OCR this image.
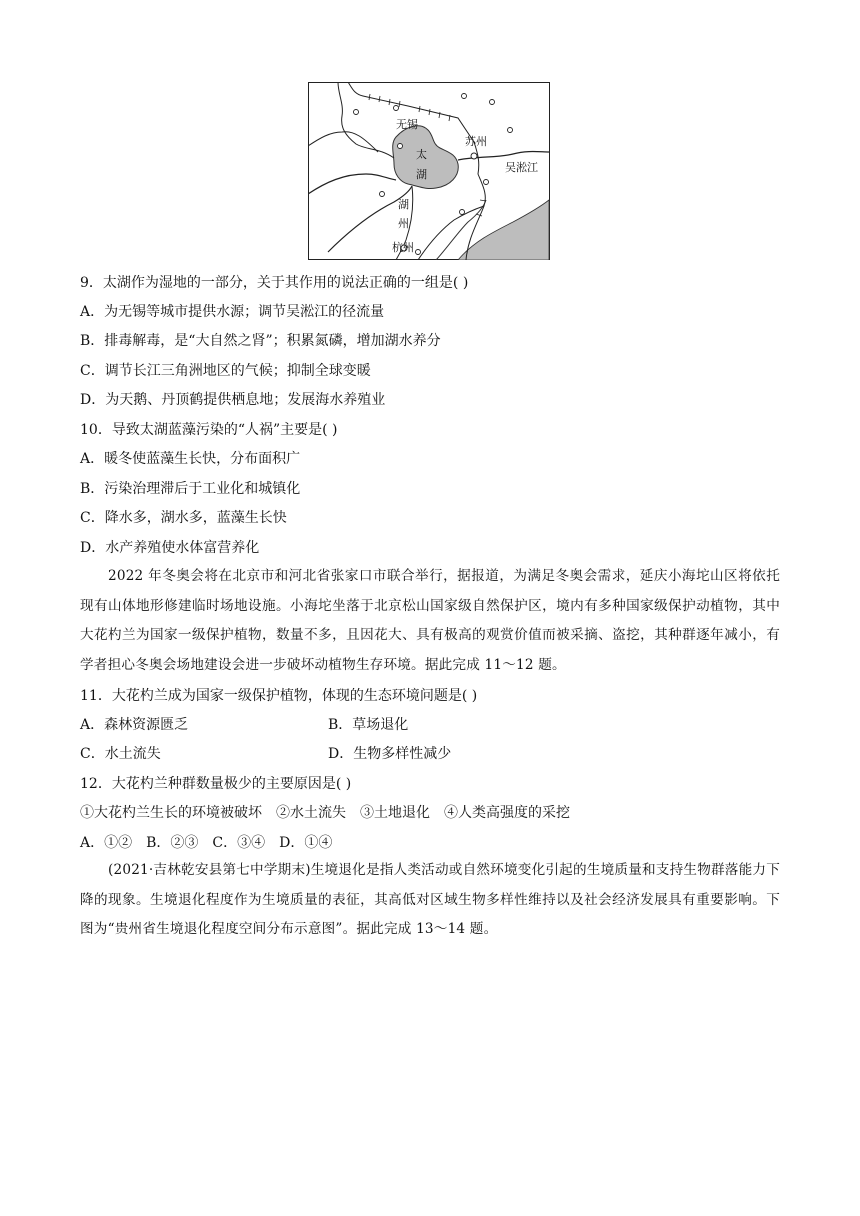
无锡
苏州
太
湖
吴淞江
湖
州
杭州
9．太湖作为湿地的一部分，关于其作用的说法正确的一组是( )
A．为无锡等城市提供水源；调节吴淞江的径流量
B．排毒解毒，是“大自然之肾”；积累氮磷，增加湖水养分
C．调节长江三角洲地区的气候；抑制全球变暖
D．为天鹅、丹顶鹤提供栖息地；发展海水养殖业
10．导致太湖蓝藻污染的“人祸”主要是( )
A．暖冬使蓝藻生长快，分布面积广
B．污染治理滞后于工业化和城镇化
C．降水多，湖水多，蓝藻生长快
D．水产养殖使水体富营养化
2022 年冬奥会将在北京市和河北省张家口市联合举行，据报道，为满足冬奥会需求，延庆小海坨山区将依托现有山体地形修建临时场地设施。小海坨坐落于北京松山国家级自然保护区，境内有多种国家级保护动植物，其中大花杓兰为国家一级保护植物，数量不多，且因花大、具有极高的观赏价值而被采摘、盗挖，其种群逐年减小，有学者担心冬奥会场地建设会进一步破坏动植物生存环境。据此完成 11～12 题。
11．大花杓兰成为国家一级保护植物，体现的生态环境问题是( )
A．森林资源匮乏	B．草场退化
C．水土流失	D．生物多样性减少
12．大花杓兰种群数量极少的主要原因是( )
①大花杓兰生长的环境被破坏　②水土流失　③土地退化　④人类高强度的采挖
A．①②　B．②③　C．③④　D．①④
(2021·吉林乾安县第七中学期末)生境退化是指人类活动或自然环境变化引起的生境质量和支持生物群落能力下降的现象。生境退化程度作为生境质量的表征，其高低对区域生物多样性维持以及社会经济发展具有重要影响。下图为“贵州省生境退化程度空间分布示意图”。据此完成 13～14 题。
